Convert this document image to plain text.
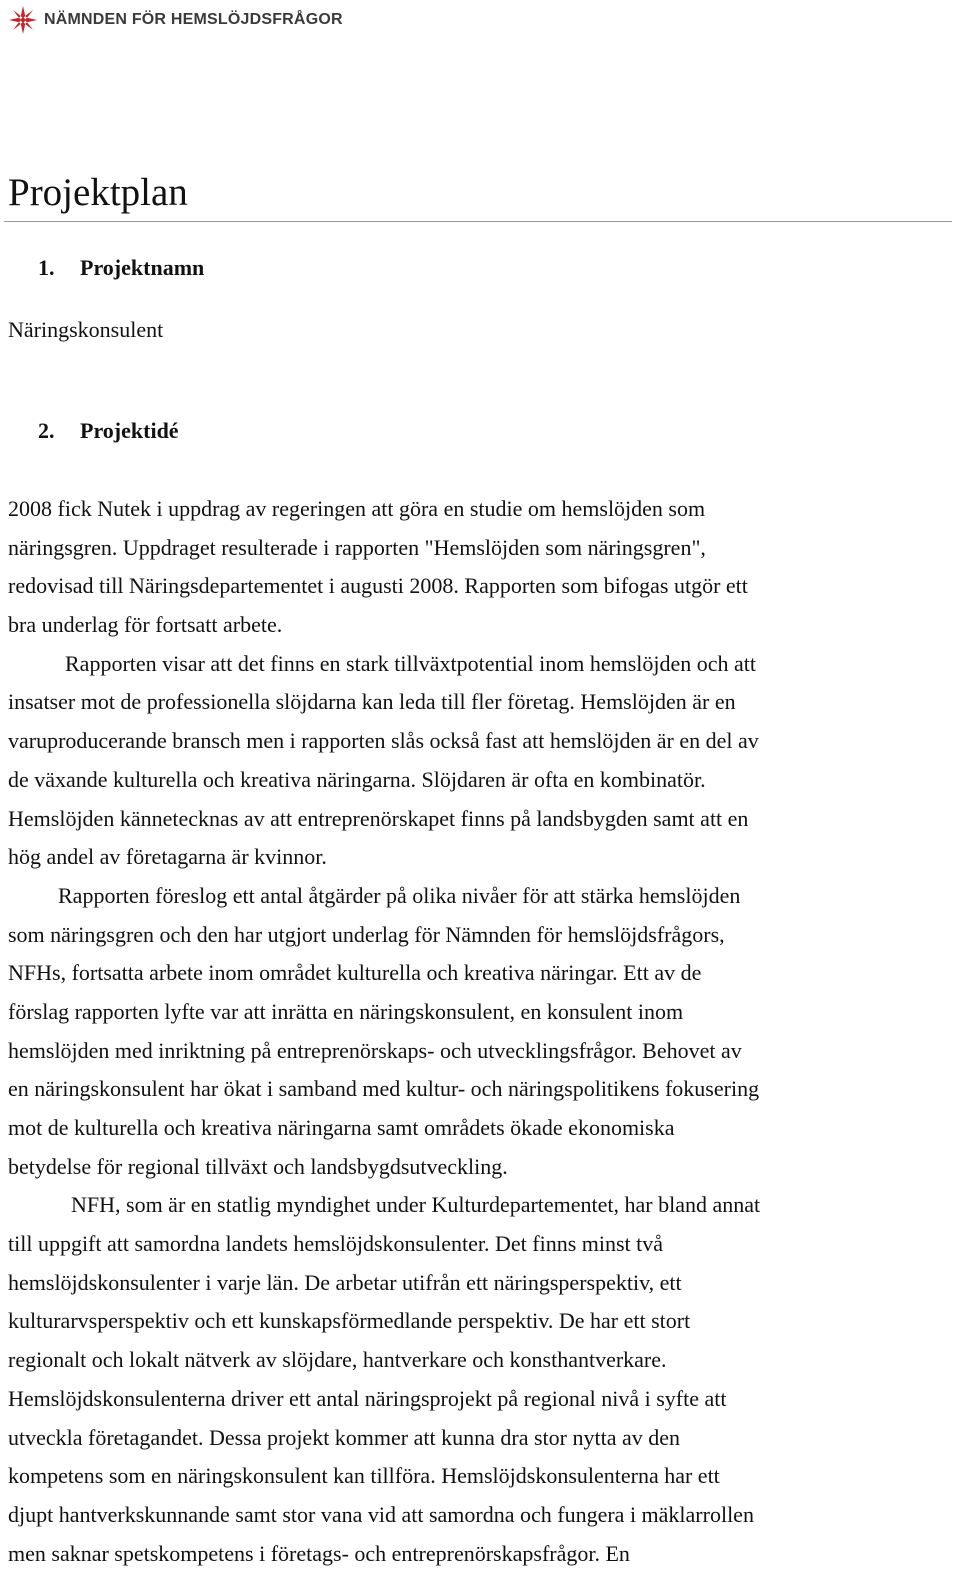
NÄMNDEN FÖR HEMSLÖJDSFRÅGOR
Projektplan
1. Projektnamn

Näringskonsulent

2. Projektidé
2008 fick Nutek i uppdrag av regeringen att göra en studie om hemslöjden som
näringsgren. Uppdraget resulterade i rapporten "Hemslöjden som näringsgren",
redovisad till Näringsdepartementet i augusti 2008. Rapporten som bifogas utgör ett
bra underlag för fortsatt arbete.
Rapporten visar att det finns en stark tillväxtpotential inom hemslöjden och att
insatser mot de professionella slöjdarna kan leda till fler företag. Hemslöjden är en
varuproducerande bransch men i rapporten slås också fast att hemslöjden är en del av
de växande kulturella och kreativa näringarna. Slöjdaren är ofta en kombinatör.
Hemslöjden kännetecknas av att entreprenörskapet finns på landsbygden samt att en
hög andel av företagarna är kvinnor.
Rapporten föreslog ett antal åtgärder på olika nivåer för att stärka hemslöjden
som näringsgren och den har utgjort underlag för Nämnden för hemslöjdsfrågors,
NFHs, fortsatta arbete inom området kulturella och kreativa näringar. Ett av de
förslag rapporten lyfte var att inrätta en näringskonsulent, en konsulent inom
hemslöjden med inriktning på entreprenörskaps- och utvecklingsfrågor. Behovet av
en näringskonsulent har ökat i samband med kultur- och näringspolitikens fokusering
mot de kulturella och kreativa näringarna samt områdets ökade ekonomiska
betydelse för regional tillväxt och landsbygdsutveckling.
NFH, som är en statlig myndighet under Kulturdepartementet, har bland annat
till uppgift att samordna landets hemslöjdskonsulenter. Det finns minst två
hemslöjdskonsulenter i varje län. De arbetar utifrån ett näringsperspektiv, ett
kulturarvsperspektiv och ett kunskapsförmedlande perspektiv. De har ett stort
regionalt och lokalt nätverk av slöjdare, hantverkare och konsthantverkare.
Hemslöjdskonsulenterna driver ett antal näringsprojekt på regional nivå i syfte att
utveckla företagandet. Dessa projekt kommer att kunna dra stor nytta av den
kompetens som en näringskonsulent kan tillföra. Hemslöjdskonsulenterna har ett
djupt hantverkskunnande samt stor vana vid att samordna och fungera i mäklarrollen
men saknar spetskompetens i företags- och entreprenörskapsfrågor. En
